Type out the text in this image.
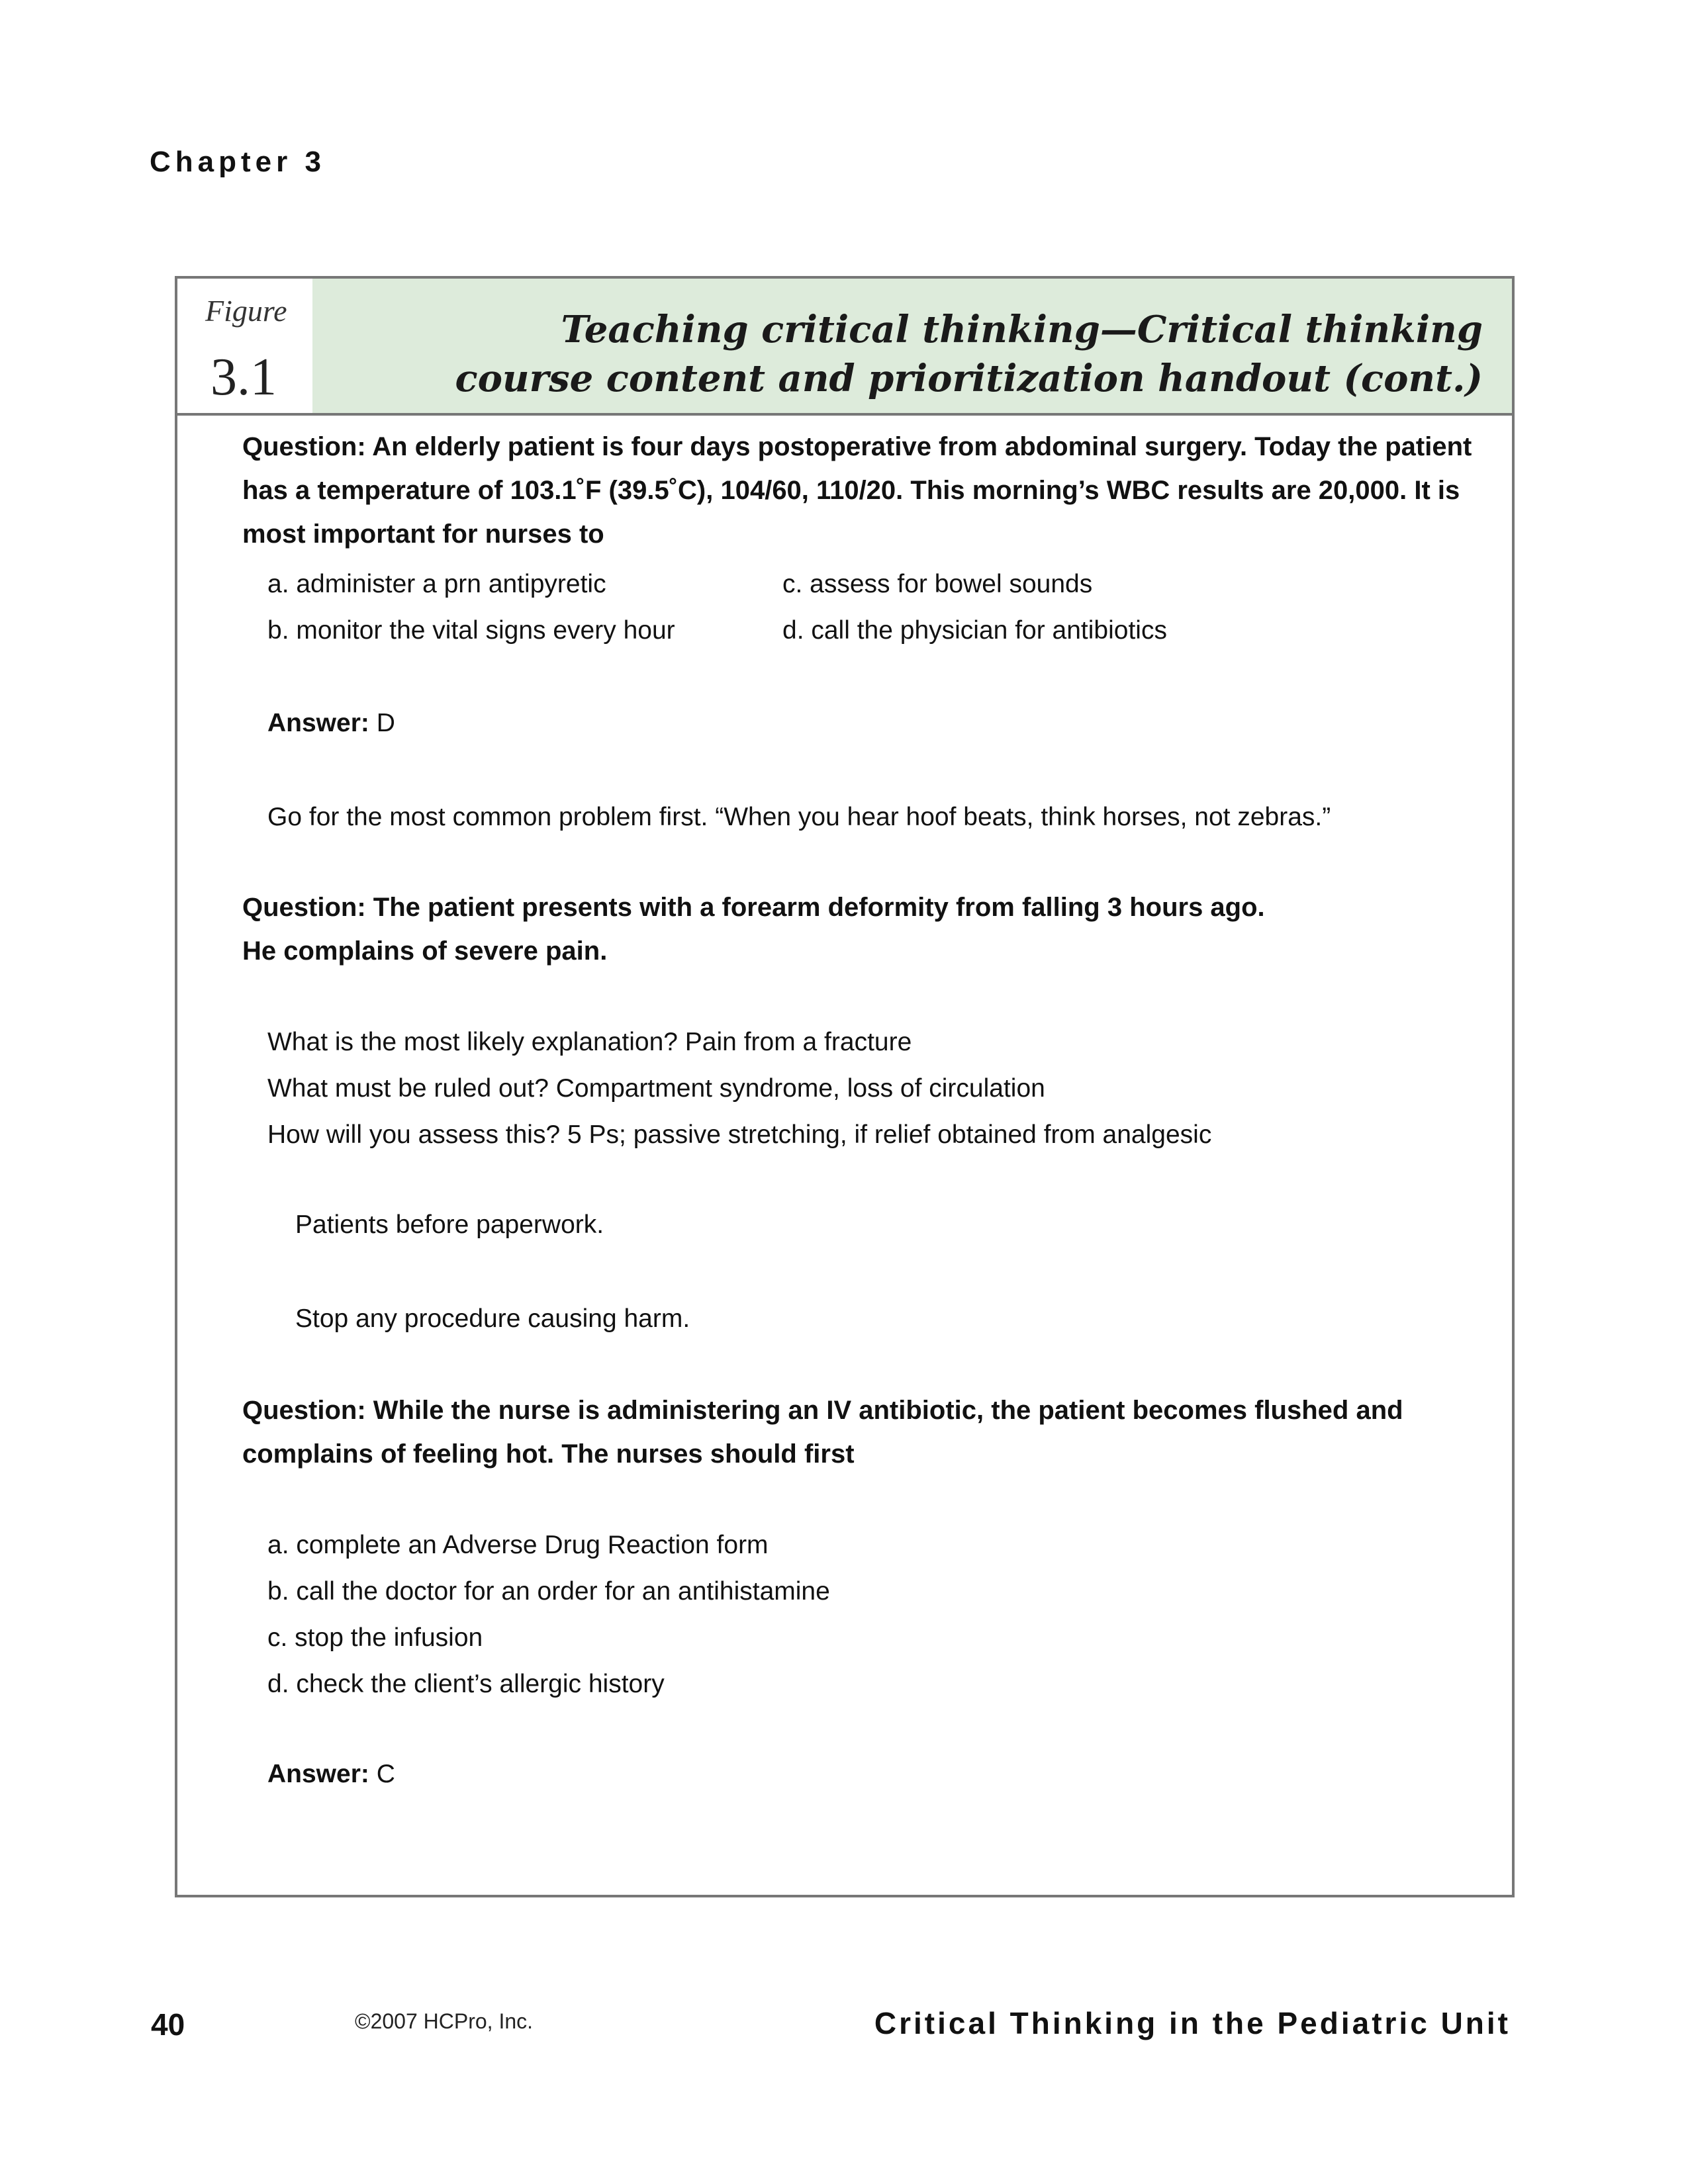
Chapter 3
Figure
3.1
Teaching critical thinking—Critical thinking
course content and prioritization handout (cont.)
Question: An elderly patient is four days postoperative from abdominal surgery. Today the patient has a temperature of 103.1˚F (39.5˚C), 104/60, 110/20. This morning’s WBC results are 20,000. It is most important for nurses to
a. administer a prn antipyretic
b. monitor the vital signs every hour
c. assess for bowel sounds
d. call the physician for antibiotics
Answer: D
Go for the most common problem first. “When you hear hoof beats, think horses, not zebras.”
Question: The patient presents with a forearm deformity from falling 3 hours ago.
He complains of severe pain.
What is the most likely explanation? Pain from a fracture
What must be ruled out? Compartment syndrome, loss of circulation
How will you assess this? 5 Ps; passive stretching, if relief obtained from analgesic
Patients before paperwork.
Stop any procedure causing harm.
Question: While the nurse is administering an IV antibiotic, the patient becomes flushed and complains of feeling hot. The nurses should first
a. complete an Adverse Drug Reaction form
b. call the doctor for an order for an antihistamine
c. stop the infusion
d. check the client’s allergic history
Answer: C
40	©2007 HCPro, Inc.	Critical Thinking in the Pediatric Unit
